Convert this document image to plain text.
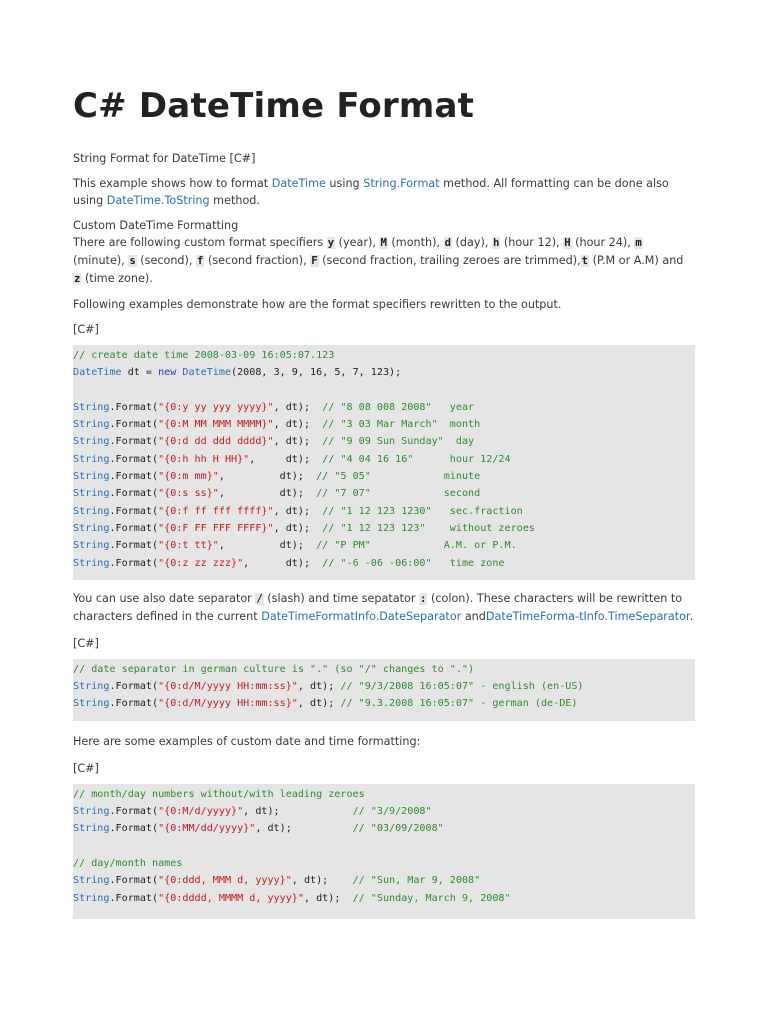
C# DateTime Format

String Format for DateTime [C#]

This example shows how to format DateTime using String.Format method. All formatting can be done also using DateTime.ToString method.

Custom DateTime Formatting

There are following custom format specifiers y (year), M (month), d (day), h (hour 12), H (hour 24), m (minute), s (second), f (second fraction), F (second fraction, trailing zeroes are trimmed),t (P.M or A.M) and z (time zone).

Following examples demonstrate how are the format specifiers rewritten to the output.

[C#]

// create date time 2008-03-09 16:05:07.123
DateTime dt = new DateTime(2008, 3, 9, 16, 5, 7, 123);

String.Format("{0:y yy yyy yyyy}", dt);  // "8 08 008 2008"   year
String.Format("{0:M MM MMM MMMM}", dt);  // "3 03 Mar March"  month
String.Format("{0:d dd ddd dddd}", dt);  // "9 09 Sun Sunday"  day
String.Format("{0:h hh H HH}",     dt);  // "4 04 16 16"      hour 12/24
String.Format("{0:m mm}",         dt);  // "5 05"            minute
String.Format("{0:s ss}",         dt);  // "7 07"            second
String.Format("{0:f ff fff ffff}", dt);  // "1 12 123 1230"   sec.fraction
String.Format("{0:F FF FFF FFFF}", dt);  // "1 12 123 123"    without zeroes
String.Format("{0:t tt}",         dt);  // "P PM"            A.M. or P.M.
String.Format("{0:z zz zzz}",      dt);  // "-6 -06 -06:00"   time zone

You can use also date separator / (slash) and time sepatator : (colon). These characters will be rewritten to characters defined in the current DateTimeFormatInfo.DateSeparator andDateTimeForma-tInfo.TimeSeparator.

[C#]

// date separator in german culture is "." (so "/" changes to ".")
String.Format("{0:d/M/yyyy HH:mm:ss}", dt); // "9/3/2008 16:05:07" - english (en-US)
String.Format("{0:d/M/yyyy HH:mm:ss}", dt); // "9.3.2008 16:05:07" - german (de-DE)

Here are some examples of custom date and time formatting:

[C#]

// month/day numbers without/with leading zeroes
String.Format("{0:M/d/yyyy}", dt);            // "3/9/2008"
String.Format("{0:MM/dd/yyyy}", dt);          // "03/09/2008"

// day/month names
String.Format("{0:ddd, MMM d, yyyy}", dt);    // "Sun, Mar 9, 2008"
String.Format("{0:dddd, MMMM d, yyyy}", dt);  // "Sunday, March 9, 2008"
